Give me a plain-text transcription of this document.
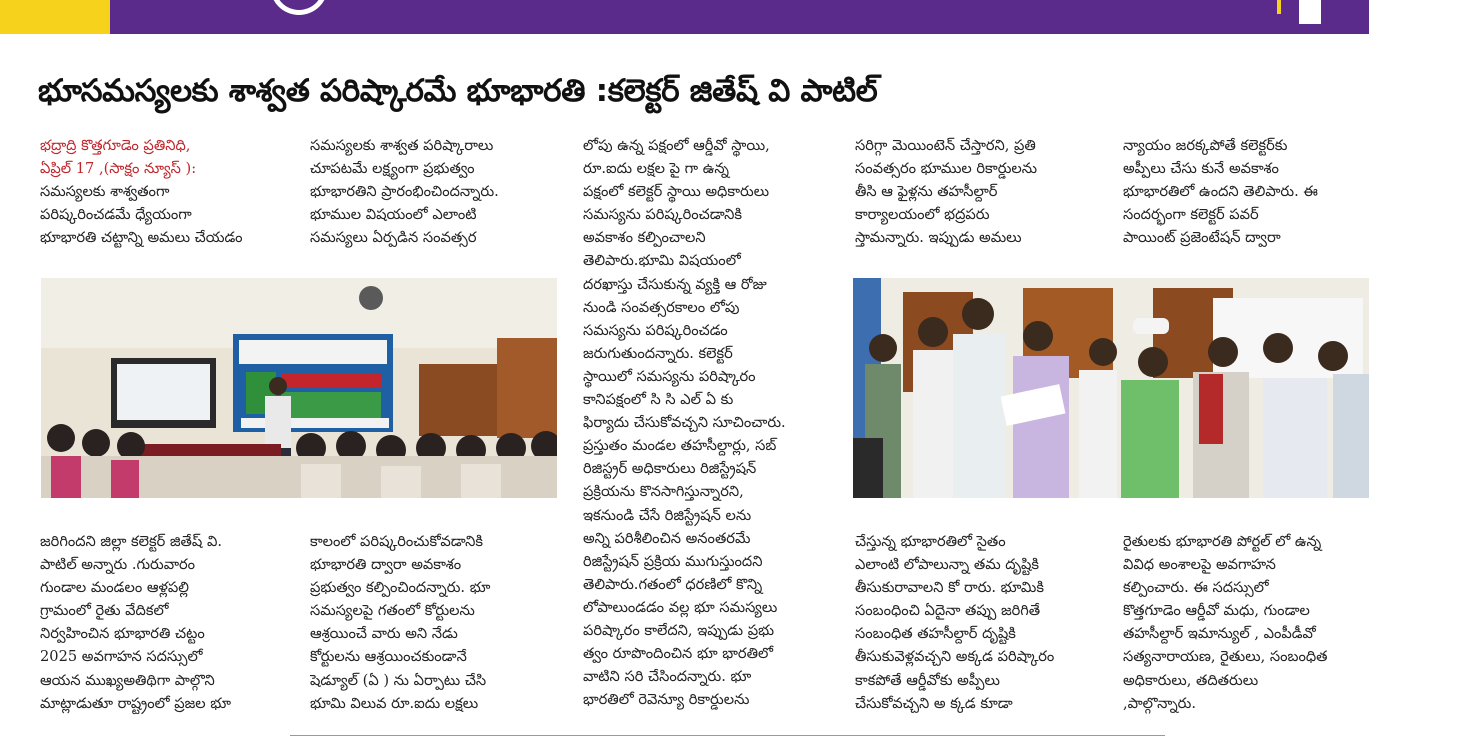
భూసమస్యలకు శాశ్వత పరిష్కారమే భూభారతి :కలెక్టర్ జితేష్ వి పాటిల్
భద్రాద్రి కొత్తగూడెం ప్రతినిధి,
ఏప్రిల్ 17 ,(సాక్షం న్యూస్ ):
సమస్యలకు శాశ్వతంగా
పరిష్కరించడమే ధ్యేయంగా
భూభారతి చట్టాన్ని అమలు చేయడం
సమస్యలకు శాశ్వత పరిష్కారాలు
చూపటమే లక్ష్యంగా ప్రభుత్వం
భూభారతిని ప్రారంభించిందన్నారు.
భూముల విషయంలో ఎలాంటి
సమస్యలు ఏర్పడిన సంవత్సర
లోపు ఉన్న పక్షంలో ఆర్డీవో స్థాయి,
రూ.ఐదు లక్షల పై గా ఉన్న
పక్షంలో కలెక్టర్ స్థాయి అధికారులు
సమస్యను పరిష్కరించడానికి
అవకాశం కల్పించాలని
తెలిపారు.భూమి విషయంలో
దరఖాస్తు చేసుకున్న వ్యక్తి ఆ రోజు
నుండి సంవత్సరకాలం లోపు
సమస్యను పరిష్కరించడం
జరుగుతుందన్నారు. కలెక్టర్
స్థాయిలో సమస్యను పరిష్కారం
కానిపక్షంలో సి సి ఎల్ ఏ కు
ఫిర్యాదు చేసుకోవచ్చని సూచించారు.
ప్రస్తుతం మండల తహసీల్దార్లు, సబ్
రిజిస్ట్రర్ అధికారులు రిజిస్ట్రేషన్
ప్రక్రియను కొనసాగిస్తున్నారని,
ఇకనుండి చేసే రిజిస్ట్రేషన్ లను
అన్ని పరిశీలించిన అనంతరమే
రిజిస్ట్రేషన్ ప్రక్రియ ముగుస్తుందని
తెలిపారు.గతంలో ధరణిలో కొన్ని
లోపాలుండడం వల్ల భూ సమస్యలు
పరిష్కారం కాలేదని, ఇప్పుడు ప్రభు
త్వం రూపొందించిన భూ భారతిలో
వాటిని సరి చేసిందన్నారు. భూ
భారతిలో రెవెన్యూ రికార్డులను
సరిగ్గా మెయింటెన్ చేస్తారని, ప్రతి
సంవత్సరం భూముల రికార్డులను
తీసి ఆ ఫైళ్లను తహసీల్దార్
కార్యాలయంలో భద్రపరు
స్తామన్నారు. ఇప్పుడు అమలు
న్యాయం జరక్కపోతే కలెక్టర్‌కు
అప్పీలు చేసు కునే అవకాశం
భూభారతిలో ఉందని తెలిపారు. ఈ
సందర్భంగా కలెక్టర్ పవర్
పాయింట్ ప్రజెంటేషన్ ద్వారా
జరిగిందని జిల్లా కలెక్టర్ జితేష్ వి.
పాటిల్ అన్నారు .గురువారం
గుండాల మండలం ఆళ్లపల్లి
గ్రామంలో రైతు వేదికలో
నిర్వహించిన భూభారతి చట్టం
2025 అవగాహన సదస్సులో
ఆయన ముఖ్యఅతిథిగా పాల్గొని
మాట్లాడుతూ రాష్ట్రంలో ప్రజల భూ
కాలంలో పరిష్కరించుకోవడానికి
భూభారతి ద్వారా అవకాశం
ప్రభుత్వం కల్పించిందన్నారు. భూ
సమస్యలపై గతంలో కోర్టులను
ఆశ్రయించే వారు అని నేడు
కోర్టులను ఆశ్రయించకుండానే
షెడ్యూల్ (ఏ ) ను ఏర్పాటు చేసి
భూమి విలువ రూ.ఐదు లక్షలు
చేస్తున్న భూభారతిలో సైతం
ఎలాంటి లోపాలున్నా తమ దృష్టికి
తీసుకురావాలని కో రారు. భూమికి
సంబంధించి ఏదైనా తప్పు జరిగితే
సంబంధిత తహసీల్దార్ దృష్టికి
తీసుకువెళ్లవచ్చని అక్కడ పరిష్కారం
కాకపోతే ఆర్డీవోకు అప్పీలు
చేసుకోవచ్చని అ క్కడ కూడా
రైతులకు భూభారతి పోర్టల్ లో ఉన్న
వివిధ అంశాలపై అవగాహన
కల్పించారు. ఈ సదస్సులో
కొత్తగూడెం ఆర్డీవో మధు, గుండాల
తహసీల్దార్ ఇమాన్యుల్ , ఎంపీడీవో
సత్యనారాయణ, రైతులు, సంబంధిత
అధికారులు, తదితరులు
,పాల్గొన్నారు.
